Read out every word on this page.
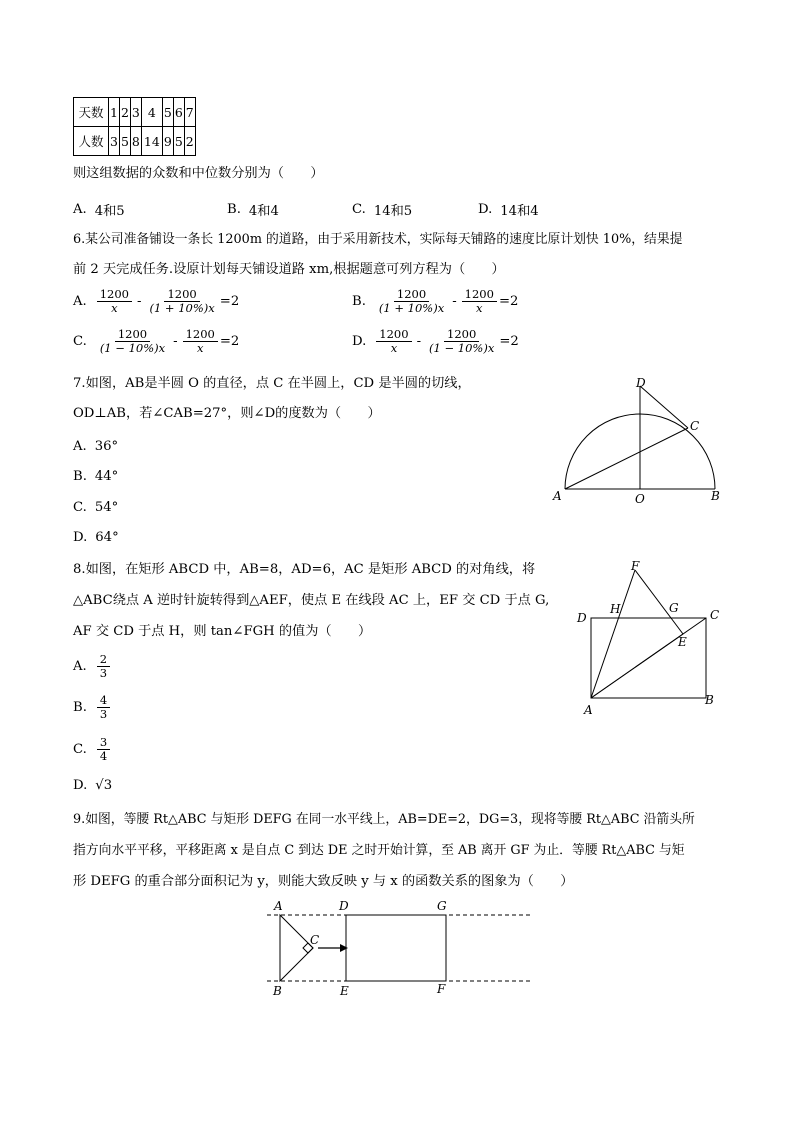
天数	1	2	3	4	5	6	7
人数	3	5	8	14	9	5	2
则这组数据的众数和中位数分别为（　　）
A. 4和5	B. 4和4	C. 14和5	D. 14和4
6.某公司准备铺设一条长 1200m 的道路，由于采用新技术，实际每天铺路的速度比原计划快 10%，结果提
前 2 天完成任务.设原计划每天铺设道路 xm,根据题意可列方程为（　　）
A. $\frac{1200}{x} - \frac{1200}{(1 + 10\%)x} =2$	B. $\frac{1200}{(1 + 10\%)x} - \frac{1200}{x} =2$
C. $\frac{1200}{(1 - 10\%)x} - \frac{1200}{x} =2$	D. $\frac{1200}{x} - \frac{1200}{(1 - 10\%)x} =2$
7.如图，AB是半圆 O 的直径，点 C 在半圆上，CD 是半圆的切线，
OD⊥AB，若∠CAB=27°，则∠D的度数为（　　）
A. 36°
B. 44°
C. 54°
D. 64°
A	O	B
C
D
8.如图，在矩形 ABCD 中，AB=8，AD=6，AC 是矩形 ABCD 的对角线，将
△ABC绕点 A 逆时针旋转得到△AEF，使点 E 在线段 AC 上，EF 交 CD 于点 G,
AF 交 CD 于点 H，则 tan∠FGH 的值为（　　）
A. $\frac{2}{3}$
B. $\frac{4}{3}$
C. $\frac{3}{4}$
D. √3
F
H	G	C
D
E
A
B
9.如图，等腰 Rt△ABC 与矩形 DEFG 在同一水平线上，AB=DE=2，DG=3，现将等腰 Rt△ABC 沿箭头所
指方向水平平移，平移距离 x 是自点 C 到达 DE 之时开始计算，至 AB 离开 GF 为止．等腰 Rt△ABC 与矩
形 DEFG 的重合部分面积记为 y，则能大致反映 y 与 x 的函数关系的图象为（　　）
A
B
C
D
E
G
F
